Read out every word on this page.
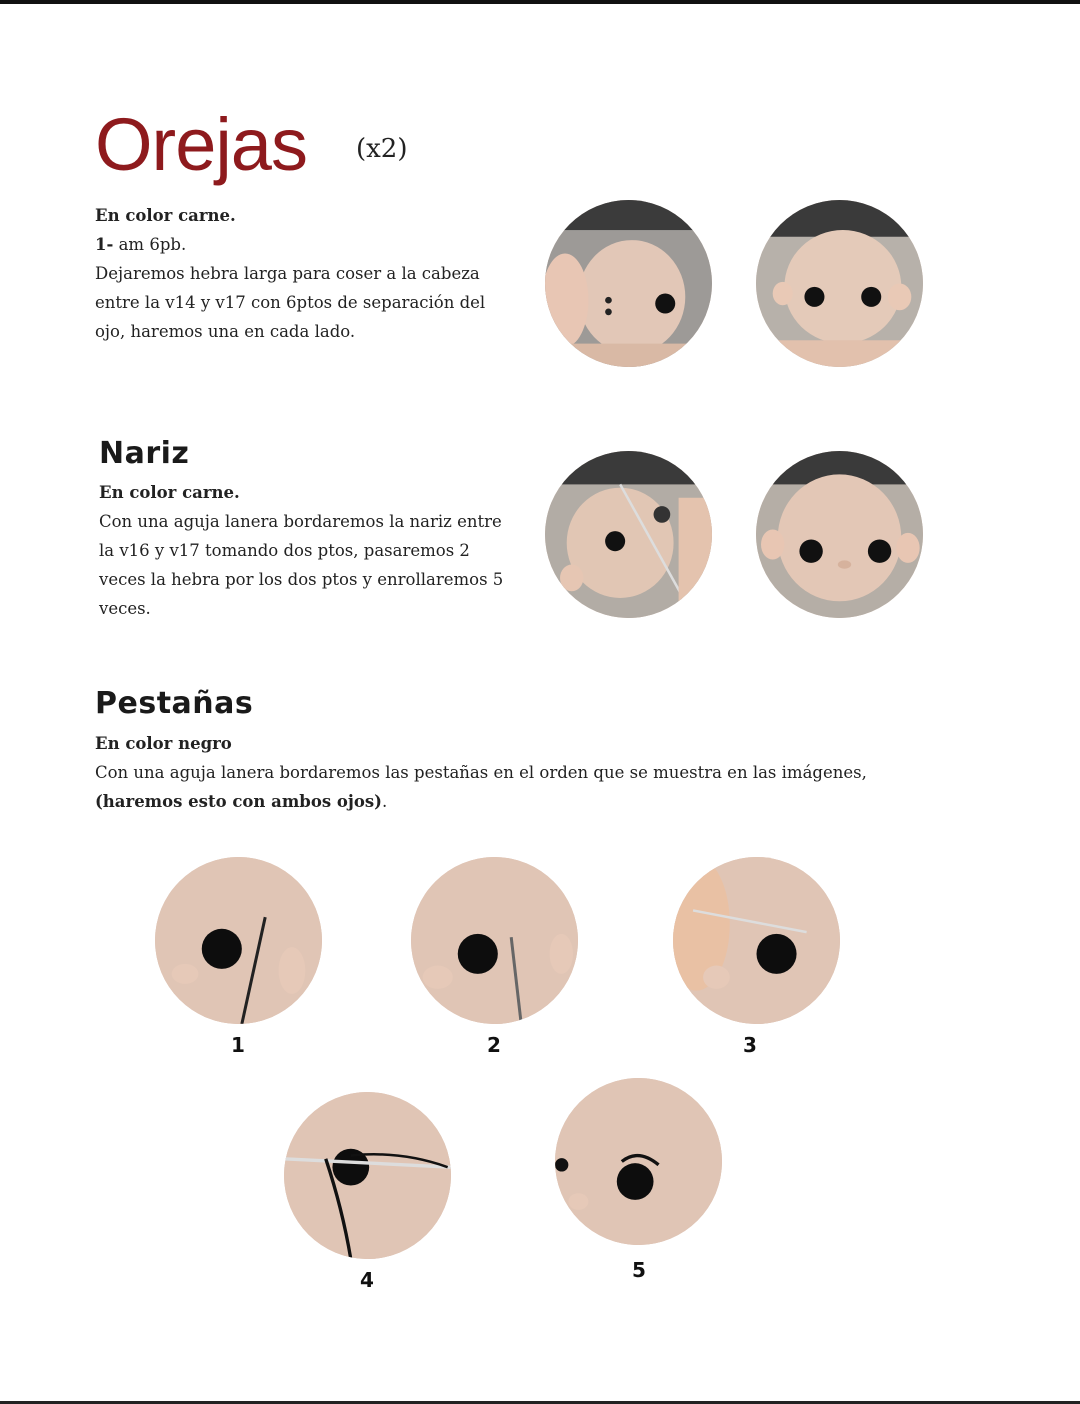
Orejas (x2)
En color carne.
1- am 6pb.
Dejaremos hebra larga para coser a la cabeza
entre la v14 y v17 con 6ptos de separación del
ojo, haremos una en cada lado.
Nariz
En color carne.
Con una aguja lanera bordaremos la nariz entre
la v16 y v17 tomando dos ptos, pasaremos 2
veces la hebra por los dos ptos y enrollaremos 5
veces.
Pestañas
En color negro
Con una aguja lanera bordaremos las pestañas en el orden que se muestra en las imágenes,
(haremos esto con ambos ojos).
1	2	3
4	5
